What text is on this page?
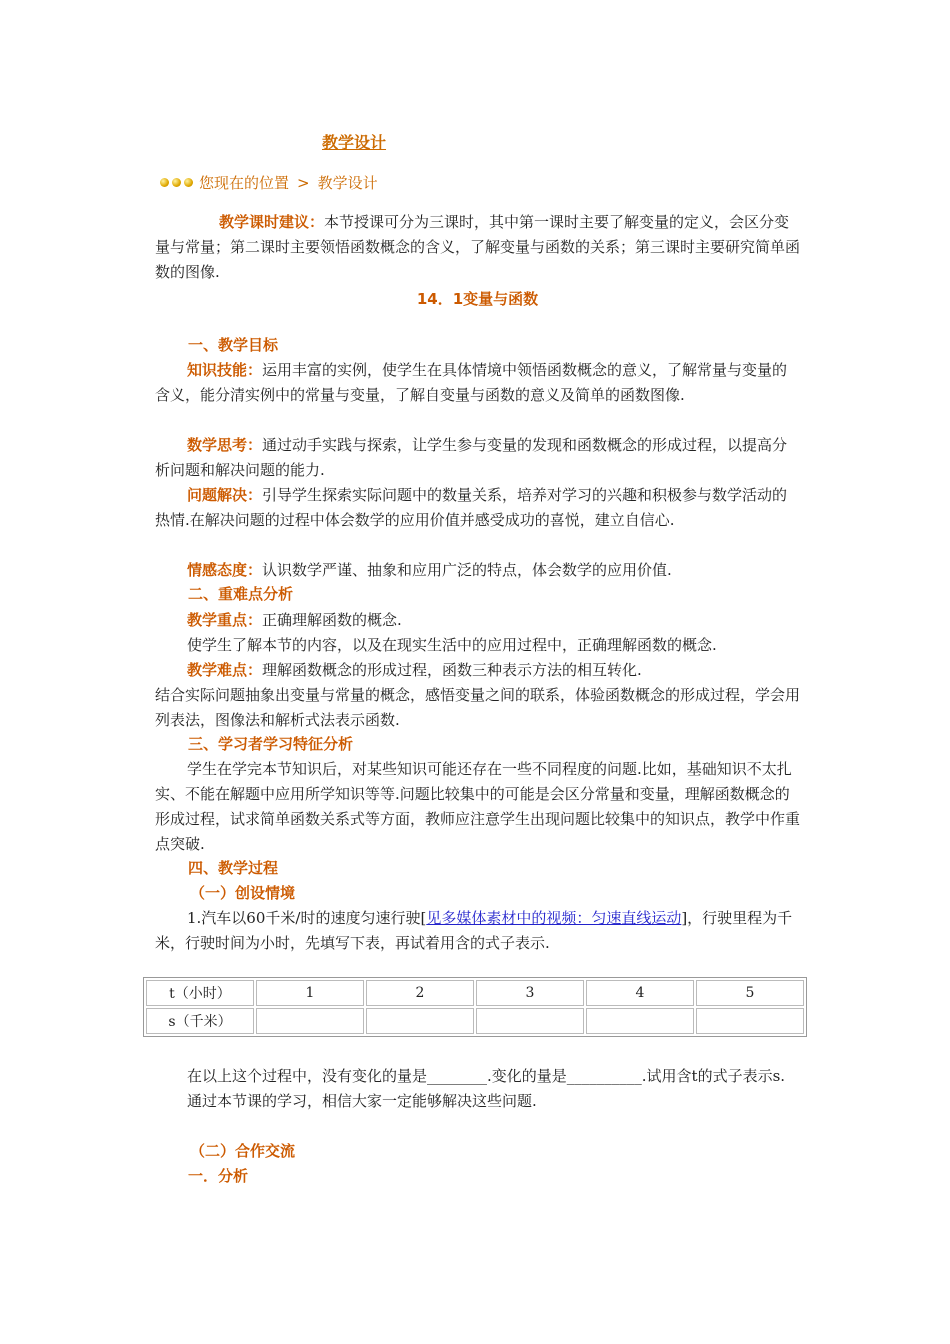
教学设计
您现在的位置 > 教学设计

教学课时建议：本节授课可分为三课时，其中第一课时主要了解变量的定义，会区分变量与常量；第二课时主要领悟函数概念的含义，了解变量与函数的关系；第三课时主要研究简单函数的图像.

14．1变量与函数
一、教学目标

知识技能：运用丰富的实例，使学生在具体情境中领悟函数概念的意义，了解常量与变量的含义，能分清实例中的常量与变量，了解自变量与函数的意义及简单的函数图像.

数学思考：通过动手实践与探索，让学生参与变量的发现和函数概念的形成过程，以提高分析问题和解决问题的能力.

问题解决：引导学生探索实际问题中的数量关系，培养对学习的兴趣和积极参与数学活动的热情.在解决问题的过程中体会数学的应用价值并感受成功的喜悦，建立自信心.

情感态度：认识数学严谨、抽象和应用广泛的特点，体会数学的应用价值.

二、重难点分析

教学重点：正确理解函数的概念.

使学生了解本节的内容，以及在现实生活中的应用过程中，正确理解函数的概念.

教学难点：理解函数概念的形成过程，函数三种表示方法的相互转化.

结合实际问题抽象出变量与常量的概念，感悟变量之间的联系，体验函数概念的形成过程，学会用列表法，图像法和解析式法表示函数.

三、学习者学习特征分析

学生在学完本节知识后，对某些知识可能还存在一些不同程度的问题.比如，基础知识不太扎实、不能在解题中应用所学知识等等.问题比较集中的可能是会区分常量和变量，理解函数概念的形成过程，试求简单函数关系式等方面，教师应注意学生出现问题比较集中的知识点，教学中作重点突破.

四、教学过程
（一）创设情境

1.汽车以60千米/时的速度匀速行驶[见多媒体素材中的视频：匀速直线运动]，行驶里程为千米，行驶时间为小时，先填写下表，再试着用含的式子表示.

t（小时）	1	2	3	4	5
s（千米）					

在以上这个过程中，没有变化的量是________.变化的量是__________.试用含t的式子表示s.

通过本节课的学习，相信大家一定能够解决这些问题.

（二）合作交流
一．分析
